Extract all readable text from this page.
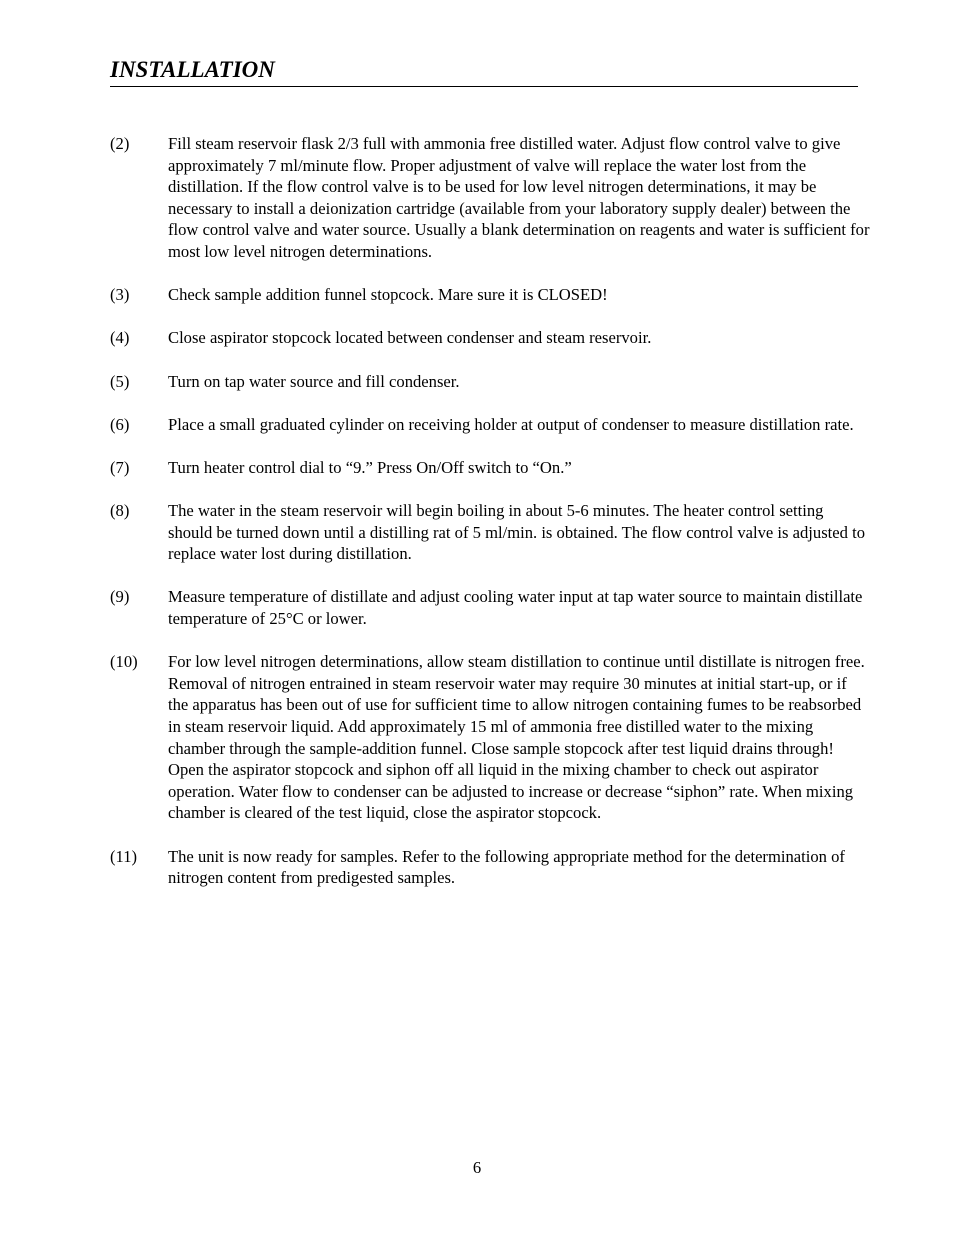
INSTALLATION
(2)	Fill steam reservoir flask 2/3 full with ammonia free distilled water. Adjust flow control valve to give approximately 7 ml/minute flow. Proper adjustment of valve will replace the water lost from the distillation. If the flow control valve is to be used for low level nitrogen determinations, it may be necessary to install a deionization cartridge (available from your laboratory supply dealer) between the flow control valve and water source. Usually a blank determination on reagents and water is sufficient for most low level nitrogen determinations.
(3)	Check sample addition funnel stopcock. Mare sure it is CLOSED!
(4)	Close aspirator stopcock located between condenser and steam reservoir.
(5)	Turn on tap water source and fill condenser.
(6)	Place a small graduated cylinder on receiving holder at output of condenser to measure distillation rate.
(7)	Turn heater control dial to “9.” Press On/Off switch to “On.”
(8)	The water in the steam reservoir will begin boiling in about 5-6 minutes. The heater control setting should be turned down until a distilling rat of 5 ml/min. is obtained. The flow control valve is adjusted to replace water lost during distillation.
(9)	Measure temperature of distillate and adjust cooling water input at tap water source to maintain distillate temperature of 25°C or lower.
(10)	For low level nitrogen determinations, allow steam distillation to continue until distillate is nitrogen free. Removal of nitrogen entrained in steam reservoir water may require 30 minutes at initial start-up, or if the apparatus has been out of use for sufficient time to allow nitrogen containing fumes to be reabsorbed in steam reservoir liquid. Add approximately 15 ml of ammonia free distilled water to the mixing chamber through the sample-addition funnel. Close sample stopcock after test liquid drains through! Open the aspirator stopcock and siphon off all liquid in the mixing chamber to check out aspirator operation. Water flow to condenser can be adjusted to increase or decrease “siphon” rate. When mixing chamber is cleared of the test liquid, close the aspirator stopcock.
(11)	The unit is now ready for samples. Refer to the following appropriate method for the determination of nitrogen content from predigested samples.
6
